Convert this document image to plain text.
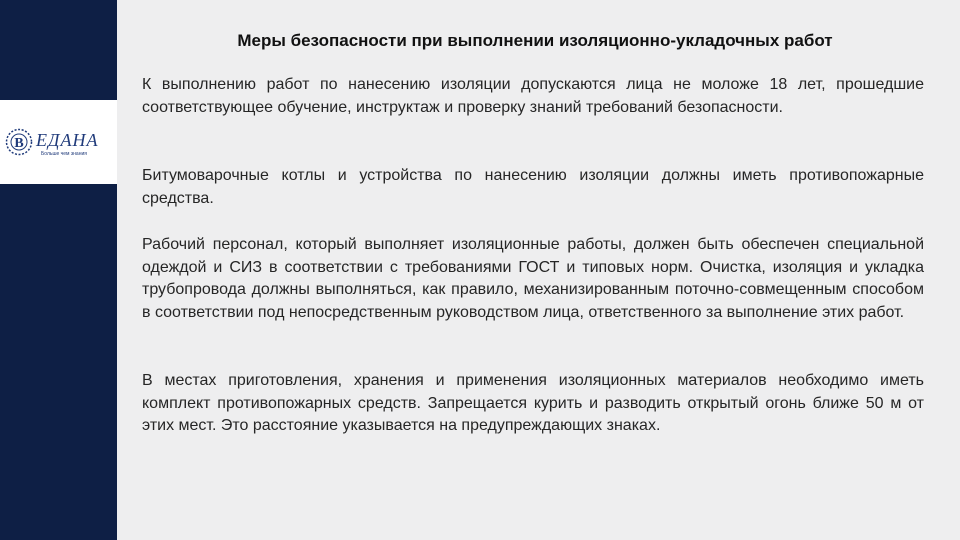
В ЕДАНА
Больше чем знания
Меры безопасности при выполнении изоляционно-укладочных работ

К выполнению работ по нанесению изоляции допускаются лица не моложе 18 лет, прошедшие соответствующее обучение, инструктаж и проверку знаний требований безопасности.

Битумоварочные котлы и устройства по нанесению изоляции должны иметь противопожарные средства.

Рабочий персонал, который выполняет изоляционные работы, должен быть обеспечен специальной одеждой и СИЗ в соответствии с требованиями ГОСТ и типовых норм. Очистка, изоляция и укладка трубопровода должны выполняться, как правило, механизированным поточно-совмещенным способом в соответствии под непосредственным руководством лица, ответственного за выполнение этих работ.

В местах приготовления, хранения и применения изоляционных материалов необходимо иметь комплект противопожарных средств. Запрещается курить и разводить открытый огонь ближе 50 м от этих мест. Это расстояние указывается на предупреждающих знаках.
